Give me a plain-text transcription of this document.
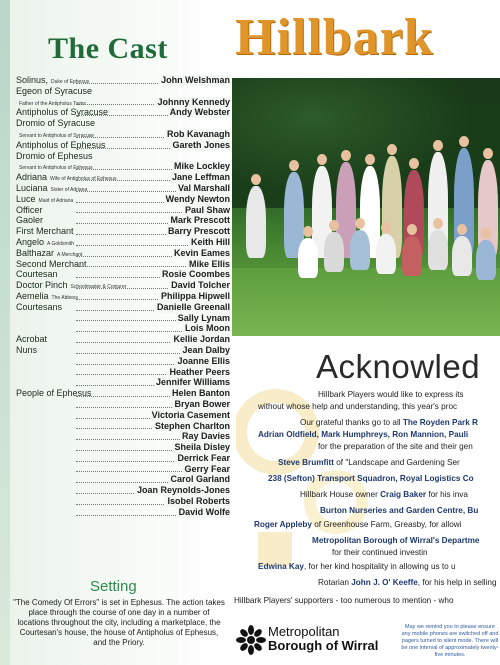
The Cast Hillbark
Solinus, Duke of Ephesus	John Welshman
Egeon of Syracuse
Father of the Antipholus Twins	Johnny Kennedy
Antipholus of Syracuse	Andy Webster
Dromio of Syracuse
Servant to Antipholus of Syracuse	Rob Kavanagh
Antipholus of Ephesus	Gareth Jones
Dromio of Ephesus
Servant to Antipholus of Ephesus	Mike Lockley
Adriana Wife of Antipholus of Ephesus	Jane Leffman
Luciana Sister of Adriana	Val Marshall
Luce Maid of Adriana	Wendy Newton
Officer	Paul Shaw
Gaoler	Mark Prescott
First Merchant	Barry Prescott
Angelo A Goldsmith	Keith Hill
Balthazar A Merchant	Kevin Eames
Second Merchant	Mike Ellis
Courtesan	Rosie Coombes
Doctor Pinch Schoolmaster & Conjurer	David Tolcher
Aemelia The Abbess	Philippa Hipwell
Courtesans	Danielle Greenall
Sally Lynam
Lois Moon
Acrobat	Kellie Jordan
Nuns	Jean Dalby
Joanne Ellis
Heather Peers
Jennifer Williams
People of Ephesus	Helen Banton
Bryan Bower
Victoria Casement
Stephen Charlton
Ray Davies
Sheila Disley
Derrick Fear
Gerry Fear
Carol Garland
Joan Reynolds-Jones
Isobel Roberts
David Wolfe
Acknowled
Hillbark Players would like to express its
without whose help and understanding, this year's proc
Our grateful thanks go to all The Royden Park R
Adrian Oldfield, Mark Humphreys, Ron Mannion, Pauli
for the preparation of the site and their gen
Steve Brumfitt of "Landscape and Gardening Ser
238 (Sefton) Transport Squadron, Royal Logistics Co
Hillbark House owner Craig Baker for his inva
Burton Nurseries and Garden Centre, Bu
Roger Appleby of Greenhouse Farm, Greasby, for allowi
Metropolitan Borough of Wirral's Departme
for their continued investin
Edwina Kay, for her kind hospitality in allowing us to u
Rotarian John J. O' Keeffe, for his help in selling
Hillbark Players' supporters - too numerous to mention - who
Setting
"The Comedy Of Errors" is set in Ephesus. The action takes place through the course of one day in a number of locations throughout the city, including a marketplace, the Courtesan's house, the house of Antipholus of Ephesus, and the Priory.
Metropolitan
Borough of Wirral
May we remind you to please ensure any mobile phones are switched off and pagers turned to silent mode. There will be one interval of approximately twenty-five minutes.
